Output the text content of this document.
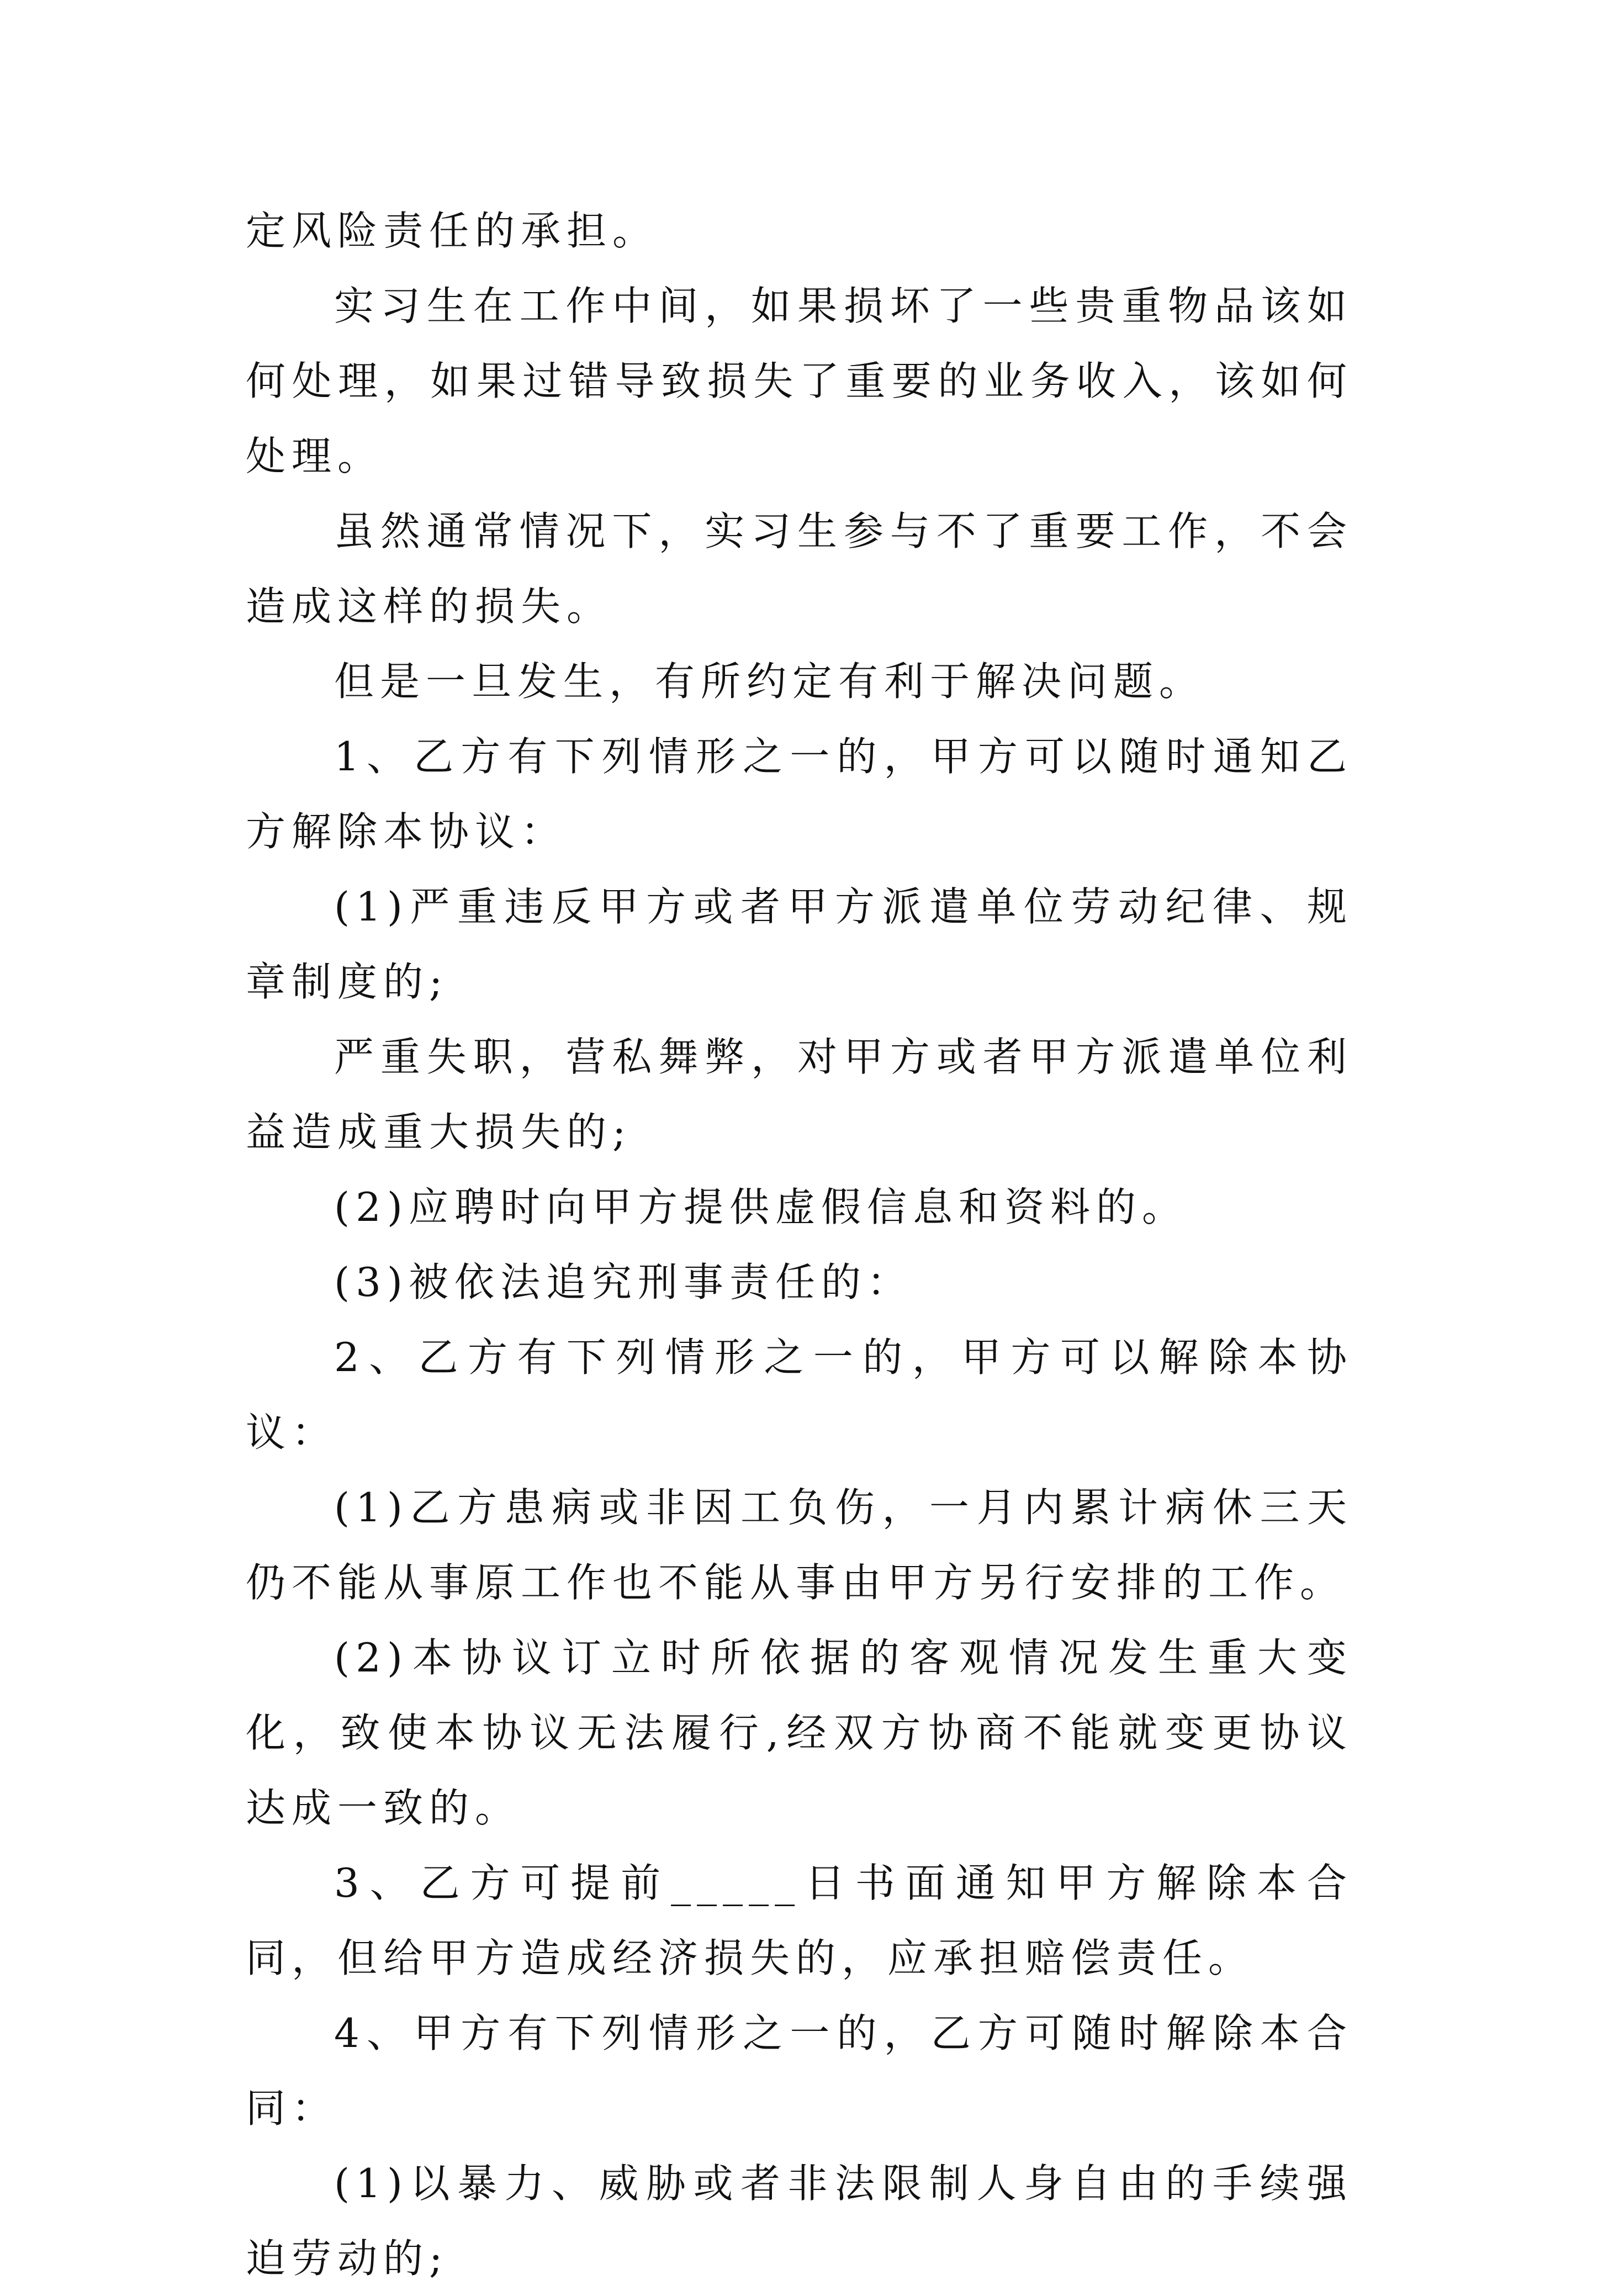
定风险责任的承担。

实习生在工作中间，如果损坏了一些贵重物品该如何处理，如果过错导致损失了重要的业务收入，该如何处理。

虽然通常情况下，实习生参与不了重要工作，不会造成这样的损失。

但是一旦发生，有所约定有利于解决问题。

1、乙方有下列情形之一的，甲方可以随时通知乙方解除本协议：

(1)严重违反甲方或者甲方派遣单位劳动纪律、规章制度的;

严重失职，营私舞弊，对甲方或者甲方派遣单位利益造成重大损失的;

(2)应聘时向甲方提供虚假信息和资料的。

(3)被依法追究刑事责任的：

2、乙方有下列情形之一的，甲方可以解除本协议：

(1)乙方患病或非因工负伤，一月内累计病休三天仍不能从事原工作也不能从事由甲方另行安排的工作。

(2)本协议订立时所依据的客观情况发生重大变化，致使本协议无法履行,经双方协商不能就变更协议达成一致的。

3、乙方可提前_____日书面通知甲方解除本合同，但给甲方造成经济损失的，应承担赔偿责任。

4、甲方有下列情形之一的，乙方可随时解除本合同：

(1)以暴力、威胁或者非法限制人身自由的手续强迫劳动的;
